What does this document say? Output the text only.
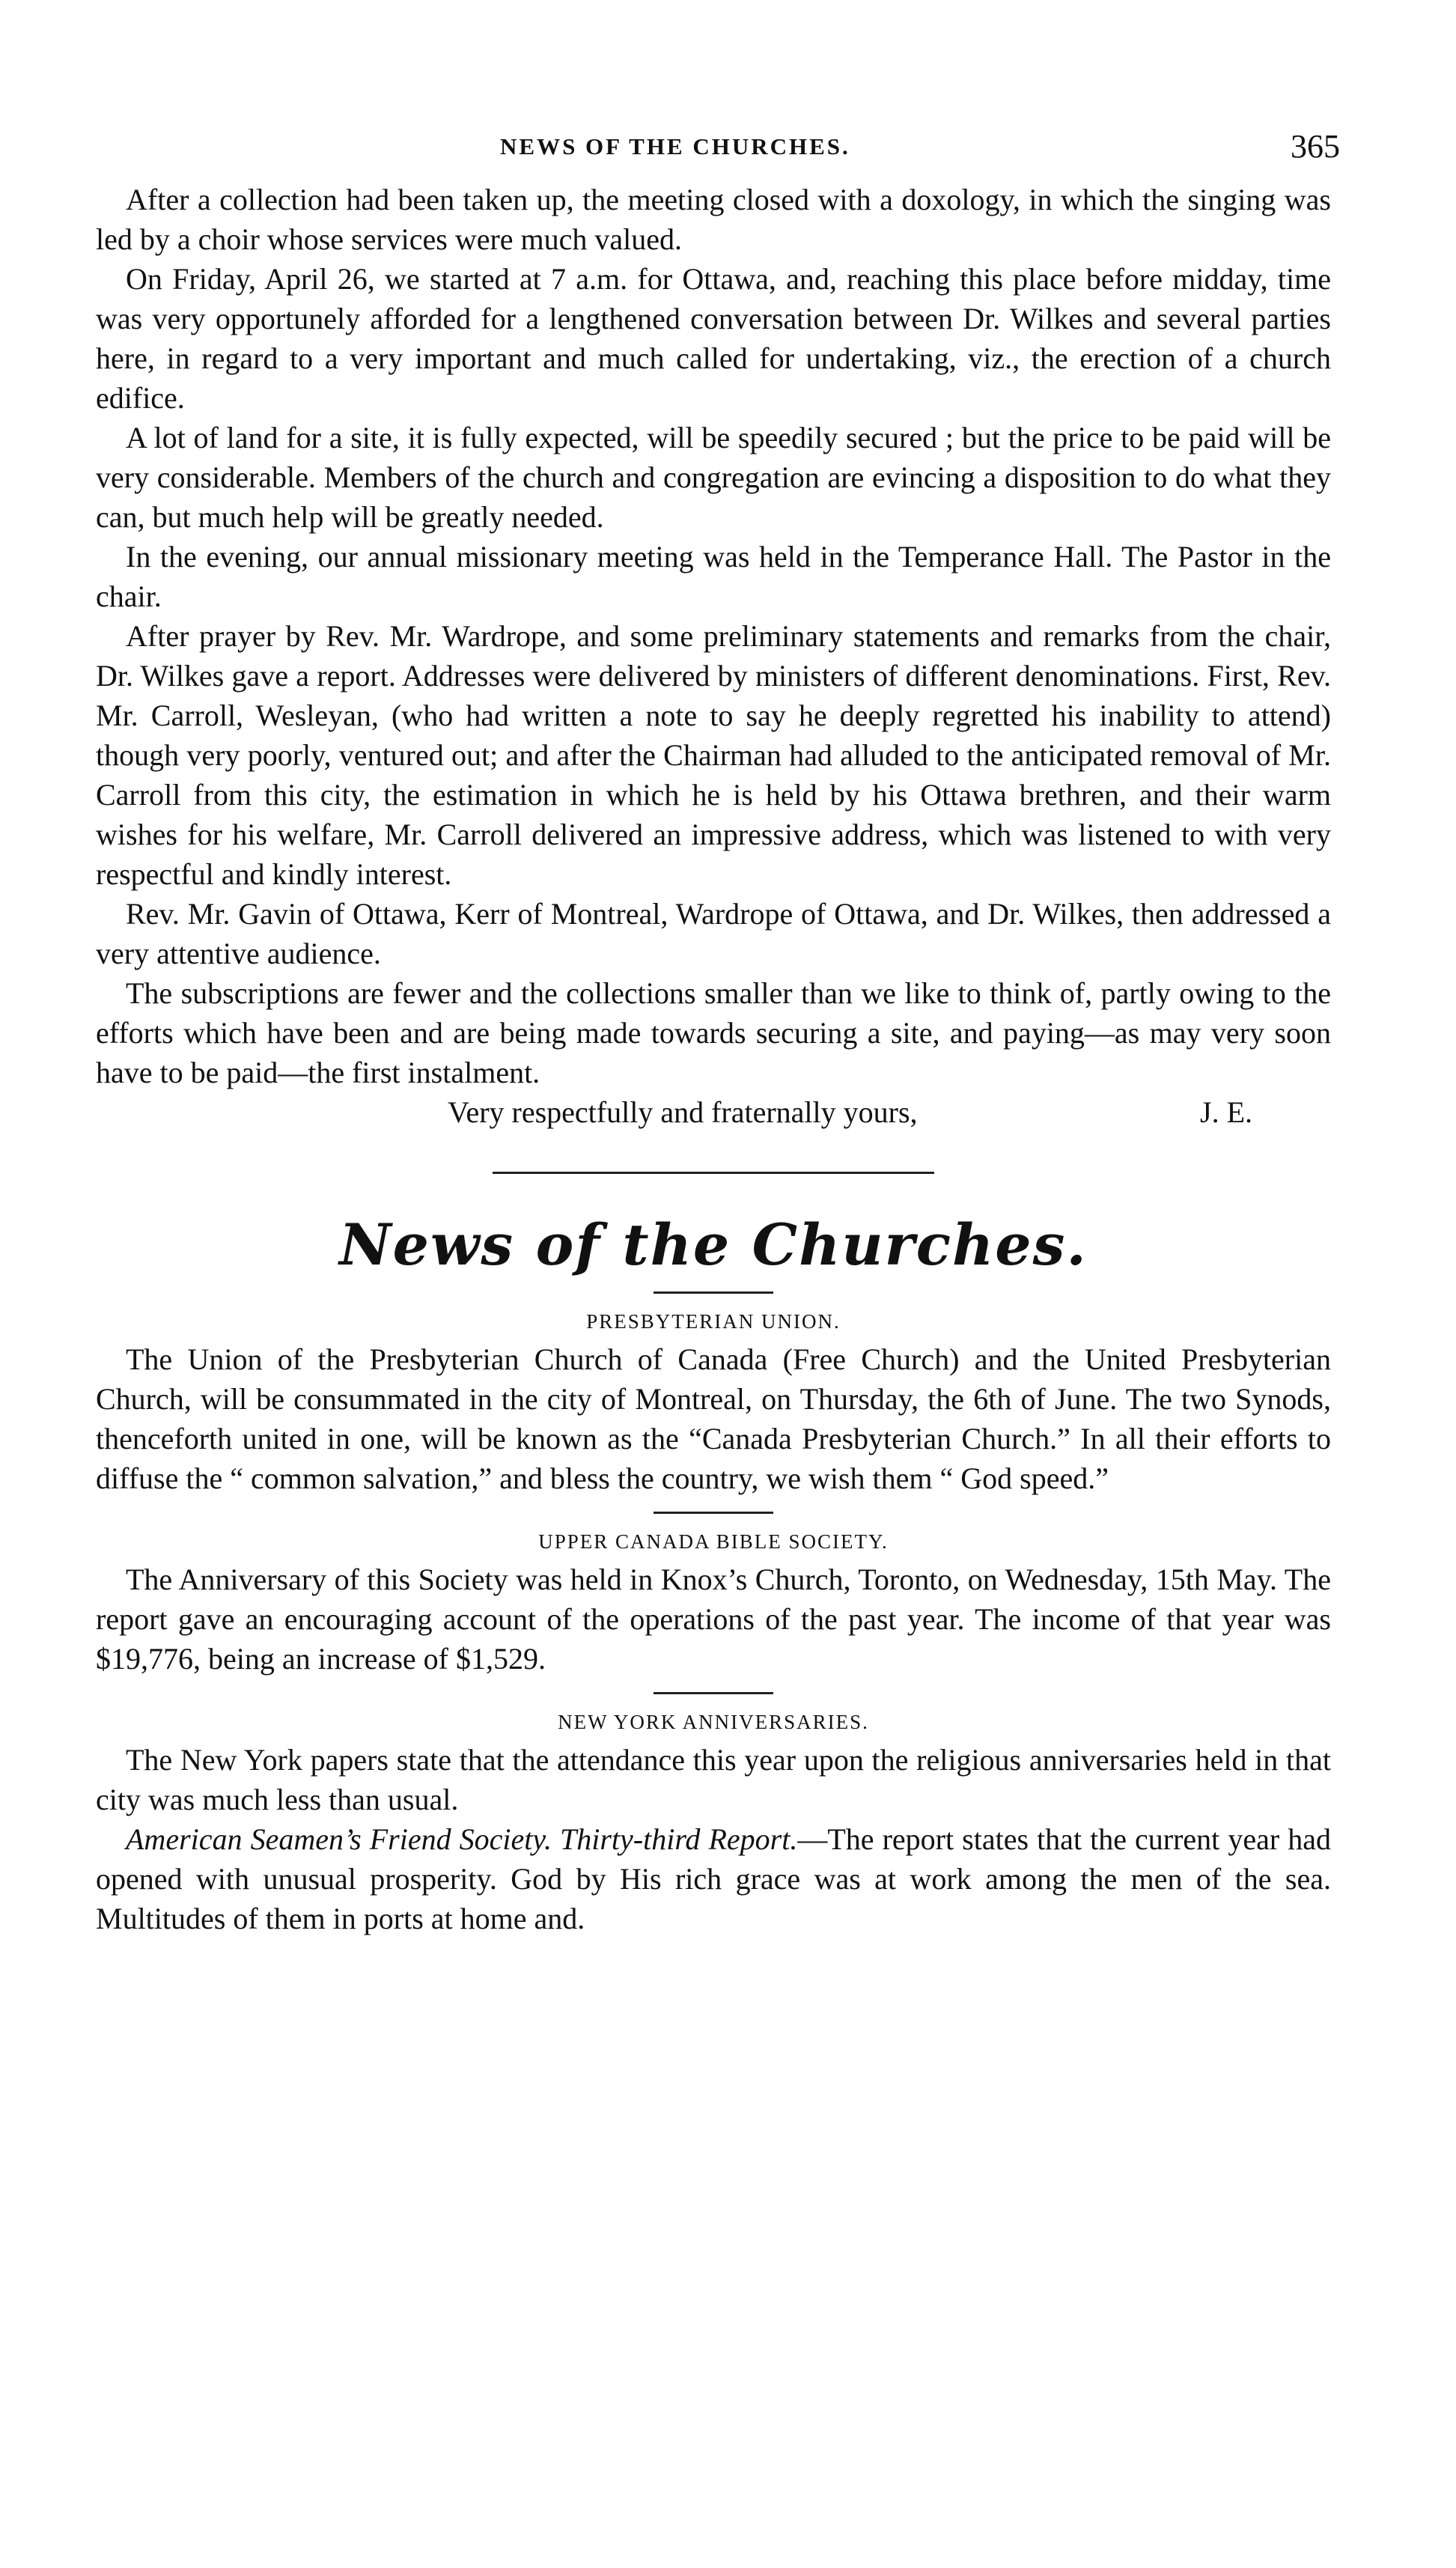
NEWS OF THE CHURCHES.	365

After a collection had been taken up, the meeting closed with a doxology, in which the singing was led by a choir whose services were much valued.

On Friday, April 26, we started at 7 a.m. for Ottawa, and, reaching this place before midday, time was very opportunely afforded for a lengthened conversation between Dr. Wilkes and several parties here, in regard to a very important and much called for undertaking, viz., the erection of a church edifice.

A lot of land for a site, it is fully expected, will be speedily secured ; but the price to be paid will be very considerable. Members of the church and congregation are evincing a disposition to do what they can, but much help will be greatly needed.

In the evening, our annual missionary meeting was held in the Temperance Hall. The Pastor in the chair.

After prayer by Rev. Mr. Wardrope, and some preliminary statements and remarks from the chair, Dr. Wilkes gave a report. Addresses were delivered by ministers of different denominations. First, Rev. Mr. Carroll, Wesleyan, (who had written a note to say he deeply regretted his inability to attend) though very poorly, ventured out; and after the Chairman had alluded to the anticipated removal of Mr. Carroll from this city, the estimation in which he is held by his Ottawa brethren, and their warm wishes for his welfare, Mr. Carroll delivered an impressive address, which was listened to with very respectful and kindly interest.

Rev. Mr. Gavin of Ottawa, Kerr of Montreal, Wardrope of Ottawa, and Dr. Wilkes, then addressed a very attentive audience.

The subscriptions are fewer and the collections smaller than we like to think of, partly owing to the efforts which have been and are being made towards securing a site, and paying—as may very soon have to be paid—the first instalment.

Very respectfully and fraternally yours,	J. E.
News of the Churches.
PRESBYTERIAN UNION.

The Union of the Presbyterian Church of Canada (Free Church) and the United Presbyterian Church, will be consummated in the city of Montreal, on Thursday, the 6th of June. The two Synods, thenceforth united in one, will be known as the “Canada Presbyterian Church.” In all their efforts to diffuse the “ common salvation,” and bless the country, we wish them “ God speed.”

UPPER CANADA BIBLE SOCIETY.

The Anniversary of this Society was held in Knox’s Church, Toronto, on Wednesday, 15th May. The report gave an encouraging account of the operations of the past year. The income of that year was $19,776, being an increase of $1,529.

NEW YORK ANNIVERSARIES.

The New York papers state that the attendance this year upon the religious anniversaries held in that city was much less than usual.

American Seamen’s Friend Society. Thirty-third Report.—The report states that the current year had opened with unusual prosperity. God by His rich grace was at work among the men of the sea. Multitudes of them in ports at home and.
